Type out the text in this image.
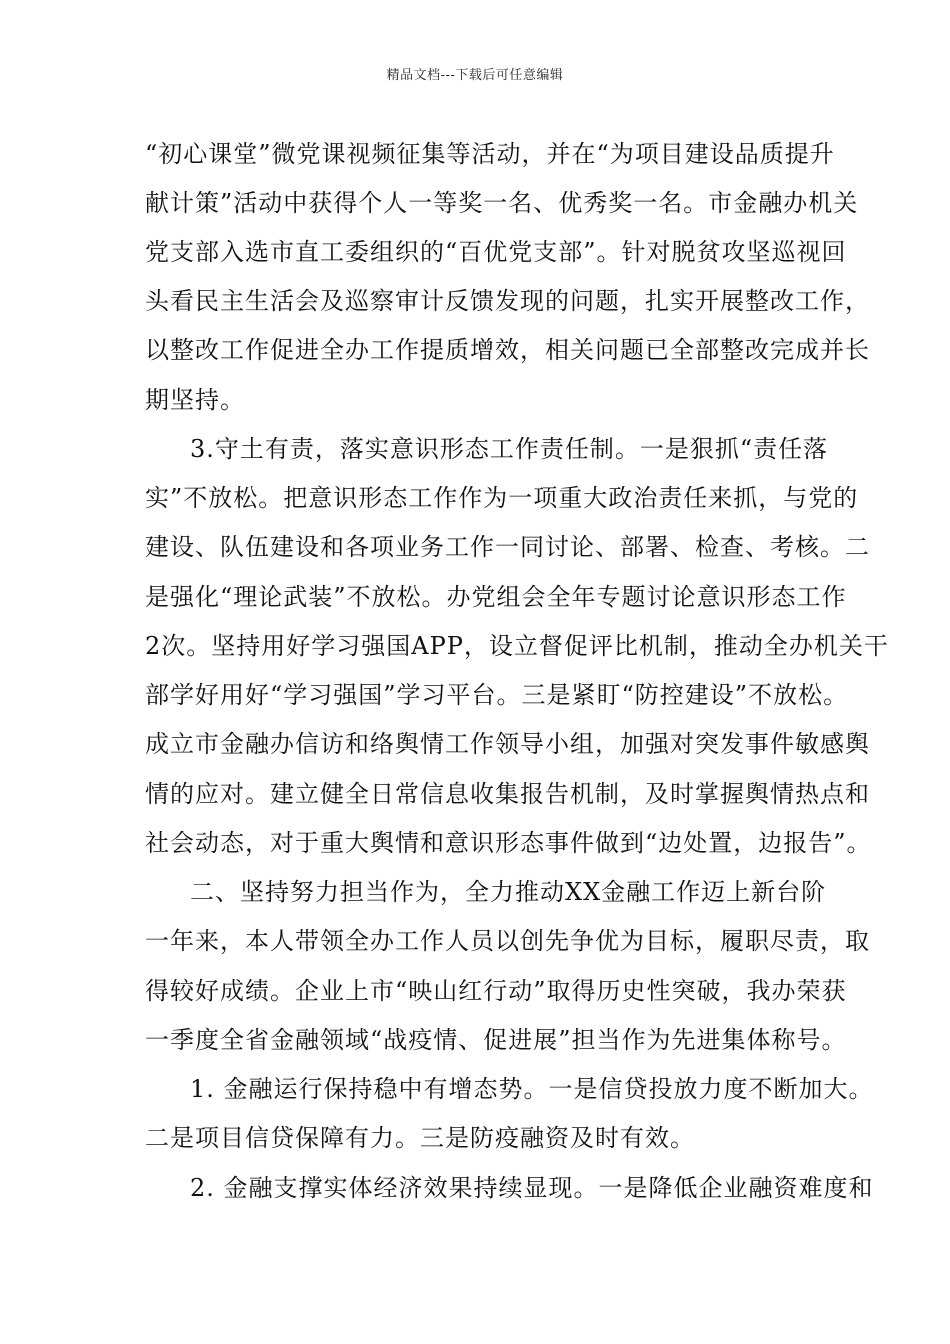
精品文档---下载后可任意编辑
“初心课堂”微党课视频征集等活动，并在“为项目建设品质提升
献计策”活动中获得个人一等奖一名、优秀奖一名。市金融办机关
党支部入选市直工委组织的“百优党支部”。针对脱贫攻坚巡视回
头看民主生活会及巡察审计反馈发现的问题，扎实开展整改工作，
以整改工作促进全办工作提质增效，相关问题已全部整改完成并长
期坚持。
3.守土有责，落实意识形态工作责任制。一是狠抓“责任落
实”不放松。把意识形态工作作为一项重大政治责任来抓，与党的
建设、队伍建设和各项业务工作一同讨论、部署、检查、考核。二
是强化“理论武装”不放松。办党组会全年专题讨论意识形态工作
2次。坚持用好学习强国APP，设立督促评比机制，推动全办机关干
部学好用好“学习强国”学习平台。三是紧盯“防控建设”不放松。
成立市金融办信访和络舆情工作领导小组，加强对突发事件敏感舆
情的应对。建立健全日常信息收集报告机制，及时掌握舆情热点和
社会动态，对于重大舆情和意识形态事件做到“边处置，边报告”。
二、坚持努力担当作为，全力推动XX金融工作迈上新台阶
一年来，本人带领全办工作人员以创先争优为目标，履职尽责，取
得较好成绩。企业上市“映山红行动”取得历史性突破，我办荣获
一季度全省金融领域“战疫情、促进展”担当作为先进集体称号。
1. 金融运行保持稳中有增态势。一是信贷投放力度不断加大。
二是项目信贷保障有力。三是防疫融资及时有效。
2. 金融支撑实体经济效果持续显现。一是降低企业融资难度和
